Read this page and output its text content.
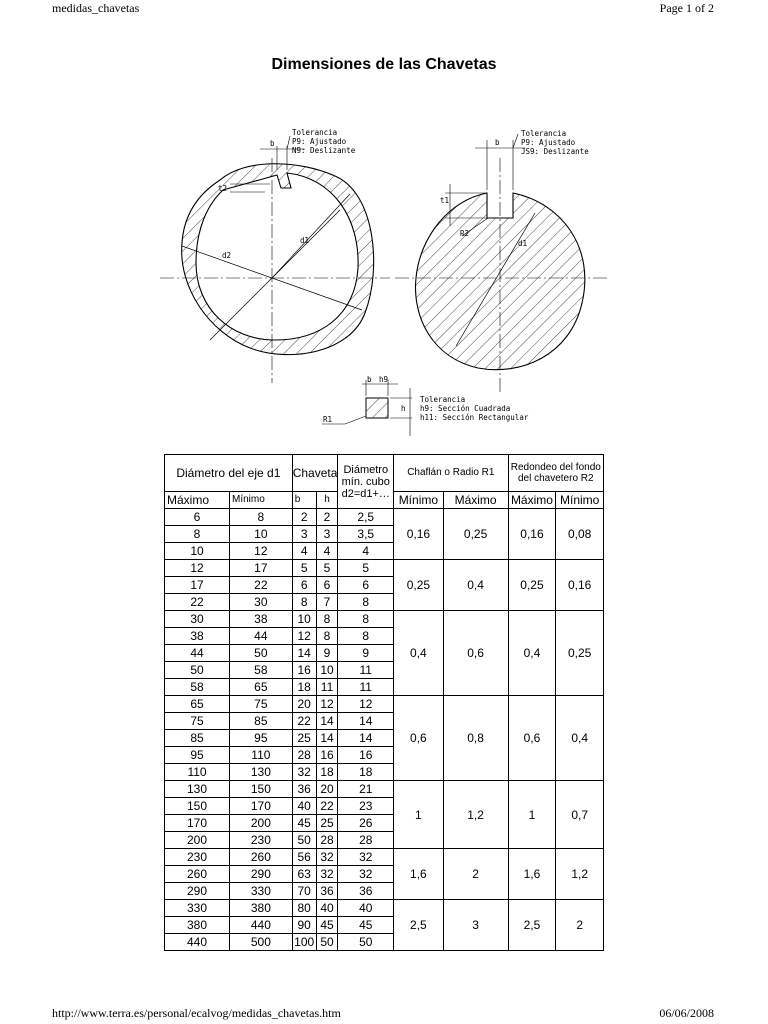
medidas_chavetas	Page 1 of 2
Dimensiones de las Chavetas
b
t2
d2
d1
Tolerancia
P9: Ajustado
N9: Deslizante
b
t1
R2
d1
Tolerancia
P9: Ajustado
JS9: Deslizante
b h9
h
R1
Tolerancia
h9: Sección Cuadrada
h11: Sección Rectangular
Diámetro del eje d1		Chaveta		Diámetro mín. cubo d2=d1+…	Chaflán o Radio R1		Redondeo del fondo del chavetero R2	
Máximo	Mínimo	b	h		Mínimo	Máximo	Máximo	Mínimo
6	8	2	2	2,5	0,16	0,25	0,16	0,08
8	10	3	3	3,5				
10	12	4	4	4				
12	17	5	5	5	0,25	0,4	0,25	0,16
17	22	6	6	6				
22	30	8	7	8				
30	38	10	8	8	0,4	0,6	0,4	0,25
38	44	12	8	8				
44	50	14	9	9				
50	58	16	10	11				
58	65	18	11	11				
65	75	20	12	12	0,6	0,8	0,6	0,4
75	85	22	14	14				
85	95	25	14	14				
95	110	28	16	16				
110	130	32	18	18				
130	150	36	20	21	1	1,2	1	0,7
150	170	40	22	23				
170	200	45	25	26				
200	230	50	28	28				
230	260	56	32	32	1,6	2	1,6	1,2
260	290	63	32	32				
290	330	70	36	36				
330	380	80	40	40	2,5	3	2,5	2
380	440	90	45	45				
440	500	100	50	50				
http://www.terra.es/personal/ecalvog/medidas_chavetas.htm	06/06/2008
